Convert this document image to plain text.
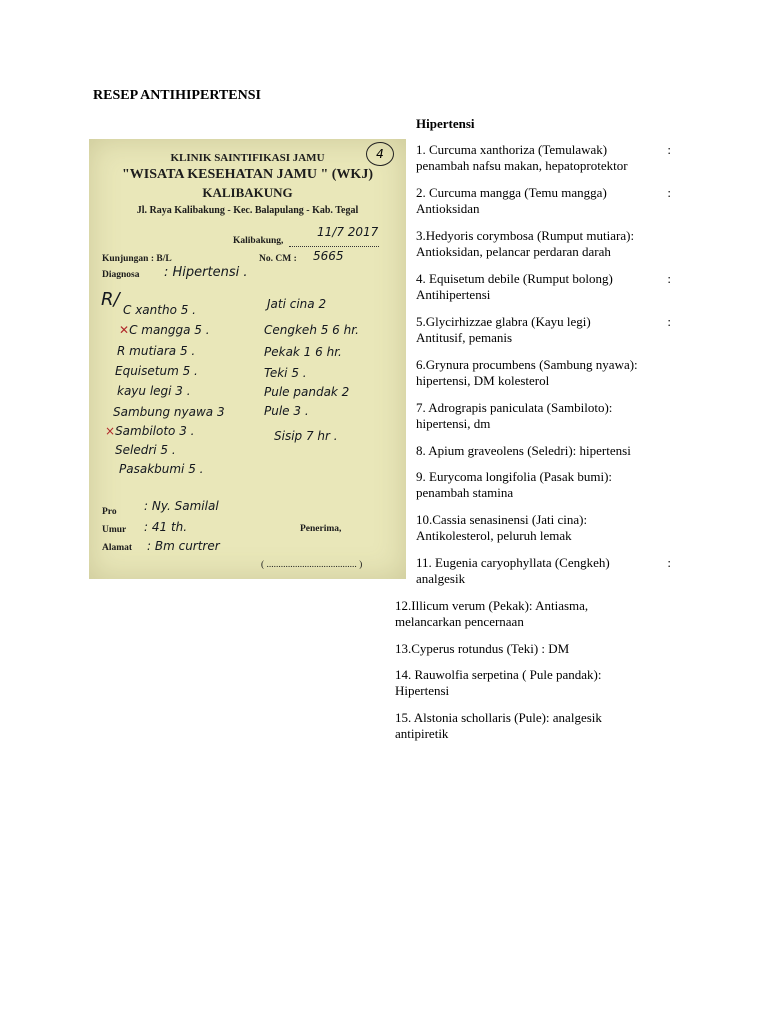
RESEP ANTIHIPERTENSI
4
KLINIK SAINTIFIKASI JAMU
"WISATA KESEHATAN JAMU " (WKJ)
KALIBAKUNG
Jl. Raya Kalibakung - Kec. Balapulang - Kab. Tegal
Kalibakung,
11/7 2017
Kunjungan : B/L	No. CM : 5665
Diagnosa : Hipertensi .
R/ C xantho 5 .
✕C mangga 5 .
R mutiara 5 .
Equisetum 5 .
kayu legi 3 .
Sambung nyawa 3
×Sambiloto 3 .
Seledri 5 .
Pasakbumi 5 .
Jati cina 2
Cengkeh 5 6 hr.
Pekak 1 6 hr.
Teki 5 .
Pule pandak 2
Pule 3 .
Sisip 7 hr .
Pro : Ny. Samilal
Umur : 41 th.
Alamat : Bm curtrer
Penerima,
( ...................................... )
Hipertensi
1. Curcuma xanthoriza (Temulawak)	:
penambah nafsu makan, hepatoprotektor
2. Curcuma mangga (Temu mangga)	:
Antioksidan
3.Hedyoris corymbosa (Rumput mutiara):
Antioksidan, pelancar perdaran darah
4. Equisetum debile (Rumput bolong)	:
Antihipertensi
5.Glycirhizzae glabra (Kayu legi)	:
Antitusif, pemanis
6.Grynura procumbens (Sambung nyawa):
hipertensi, DM kolesterol
7. Adrograpis paniculata (Sambiloto):
hipertensi, dm
8. Apium graveolens (Seledri): hipertensi
9. Eurycoma longifolia (Pasak bumi):
penambah stamina
10.Cassia senasinensi (Jati cina):
Antikolesterol, peluruh lemak
11. Eugenia caryophyllata (Cengkeh)	:
analgesik
12.Illicum verum (Pekak): Antiasma,
melancarkan pencernaan
13.Cyperus rotundus (Teki) : DM
14. Rauwolfia serpetina ( Pule pandak):
Hipertensi
15. Alstonia schollaris (Pule): analgesik
antipiretik
